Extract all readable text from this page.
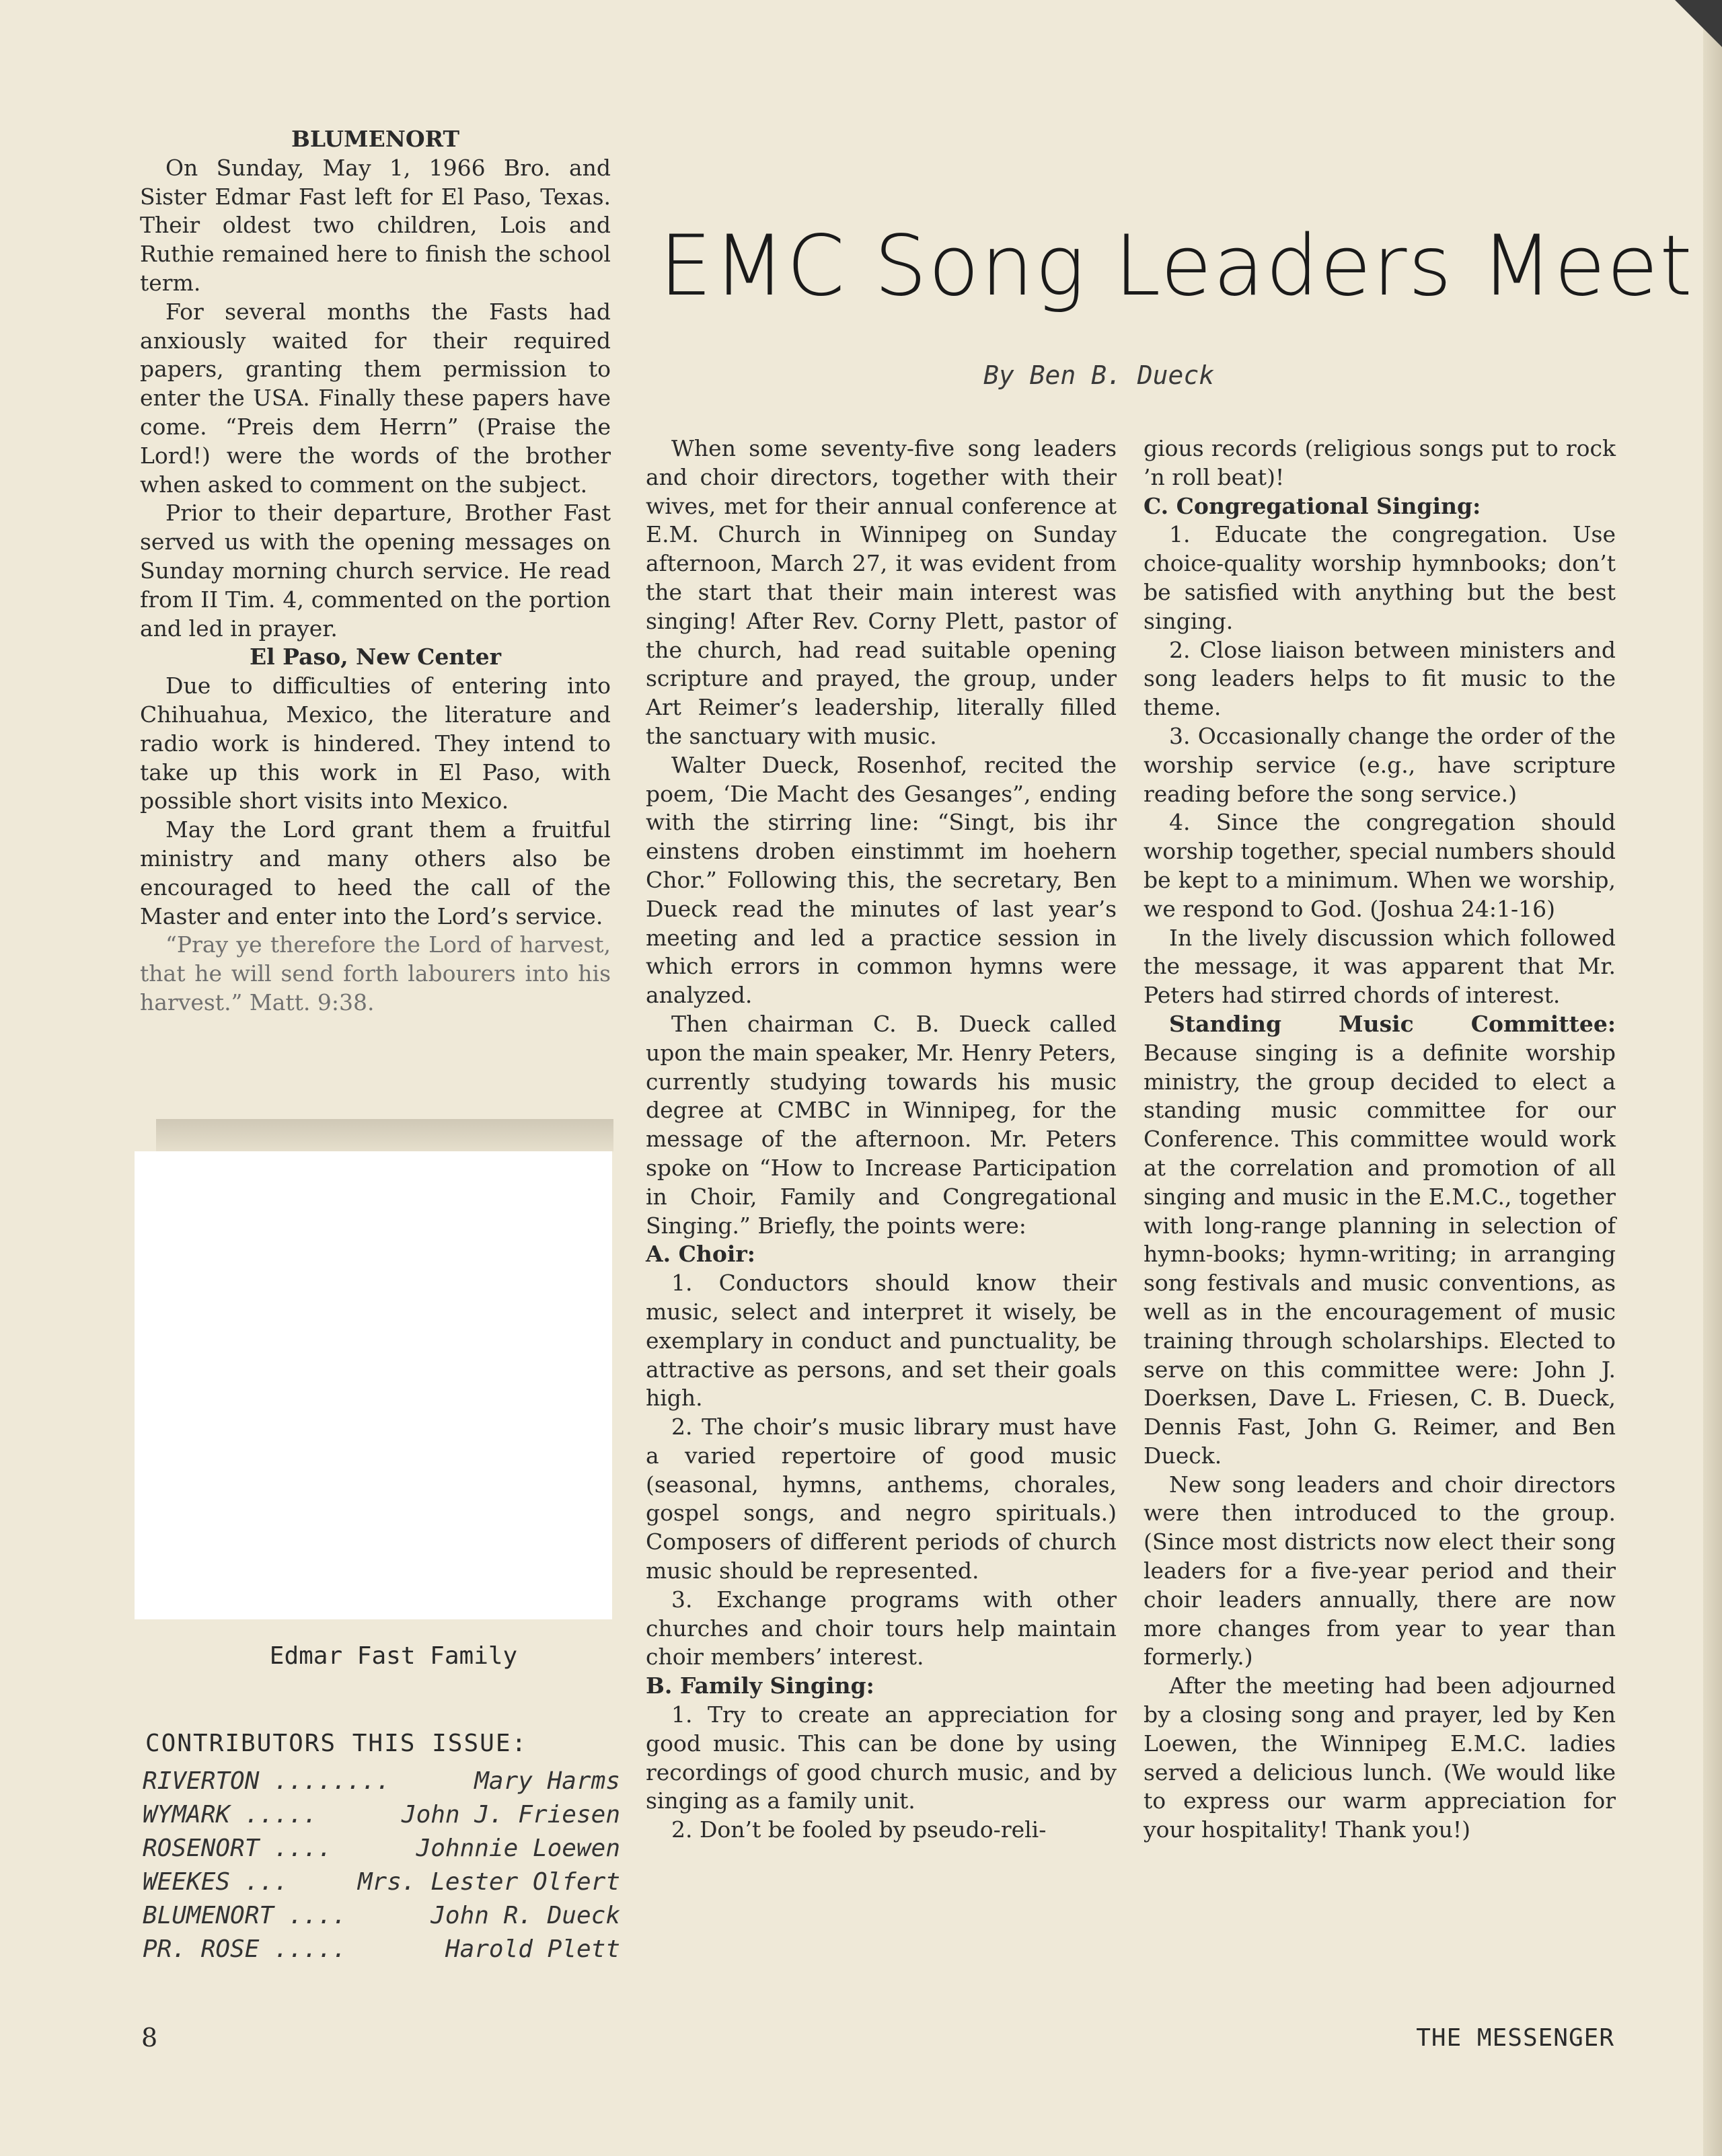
BLUMENORT

On Sunday, May 1, 1966 Bro. and Sister Edmar Fast left for El Paso, Texas. Their oldest two children, Lois and Ruthie remained here to finish the school term.

For several months the Fasts had anxiously waited for their required papers, granting them permission to enter the USA. Finally these papers have come. “Preis dem Herrn” (Praise the Lord!) were the words of the brother when asked to comment on the subject.

Prior to their departure, Brother Fast served us with the opening messages on Sunday morning church service. He read from II Tim. 4, commented on the portion and led in prayer.

El Paso, New Center

Due to difficulties of entering into Chihuahua, Mexico, the literature and radio work is hindered. They intend to take up this work in El Paso, with possible short visits into Mexico.

May the Lord grant them a fruitful ministry and many others also be encouraged to heed the call of the Master and enter into the Lord’s service.

“Pray ye therefore the Lord of harvest, that he will send forth labourers into his harvest.” Matt. 9:38.

Edmar Fast Family
CONTRIBUTORS THIS ISSUE:
RIVERTON ........	Mary Harms
WYMARK .....	John J. Friesen
ROSENORT ....	Johnnie Loewen
WEEKES ...	Mrs. Lester Olfert
BLUMENORT ....	John R. Dueck
PR. ROSE .....	Harold Plett
EMC Song Leaders Meet
By Ben B. Dueck

When some seventy-five song leaders and choir directors, together with their wives, met for their annual conference at E.M. Church in Winnipeg on Sunday afternoon, March 27, it was evident from the start that their main interest was singing! After Rev. Corny Plett, pastor of the church, had read suitable opening scripture and prayed, the group, under Art Reimer’s leadership, literally filled the sanctuary with music.

Walter Dueck, Rosenhof, recited the poem, ‘Die Macht des Gesanges”, ending with the stirring line: “Singt, bis ihr einstens droben einstimmt im hoehern Chor.” Following this, the secretary, Ben Dueck read the minutes of last year’s meeting and led a practice session in which errors in common hymns were analyzed.

Then chairman C. B. Dueck called upon the main speaker, Mr. Henry Peters, currently studying towards his music degree at CMBC in Winnipeg, for the message of the afternoon. Mr. Peters spoke on “How to Increase Participation in Choir, Family and Congregational Singing.” Briefly, the points were:

A. Choir:

1. Conductors should know their music, select and interpret it wisely, be exemplary in conduct and punctuality, be attractive as persons, and set their goals high.

2. The choir’s music library must have a varied repertoire of good music (seasonal, hymns, anthems, chorales, gospel songs, and negro spirituals.) Composers of different periods of church music should be represented.

3. Exchange programs with other churches and choir tours help maintain choir members’ interest.

B. Family Singing:

1. Try to create an appreciation for good music. This can be done by using recordings of good church music, and by singing as a family unit.

2. Don’t be fooled by pseudo-reli-

gious records (religious songs put to rock ’n roll beat)!

C. Congregational Singing:

1. Educate the congregation. Use choice-quality worship hymnbooks; don’t be satisfied with anything but the best singing.

2. Close liaison between ministers and song leaders helps to fit music to the theme.

3. Occasionally change the order of the worship service (e.g., have scripture reading before the song service.)

4. Since the congregation should worship together, special numbers should be kept to a minimum. When we worship, we respond to God. (Joshua 24:1-16)

In the lively discussion which followed the message, it was apparent that Mr. Peters had stirred chords of interest.

Standing Music Committee: Because singing is a definite worship ministry, the group decided to elect a standing music committee for our Conference. This committee would work at the correlation and promotion of all singing and music in the E.M.C., together with long-range planning in selection of hymn-books; hymn-writing; in arranging song festivals and music conventions, as well as in the encouragement of music training through scholarships. Elected to serve on this committee were: John J. Doerksen, Dave L. Friesen, C. B. Dueck, Dennis Fast, John G. Reimer, and Ben Dueck.

New song leaders and choir directors were then introduced to the group. (Since most districts now elect their song leaders for a five-year period and their choir leaders annually, there are now more changes from year to year than formerly.)

After the meeting had been adjourned by a closing song and prayer, led by Ken Loewen, the Winnipeg E.M.C. ladies served a delicious lunch. (We would like to express our warm appreciation for your hospitality! Thank you!)

8	THE MESSENGER
